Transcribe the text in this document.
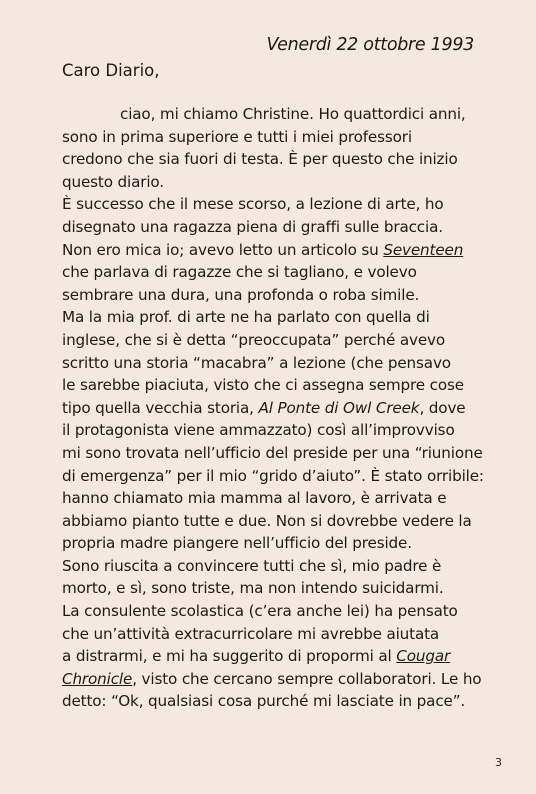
Venerdì 22 ottobre 1993
Caro Diario,
ciao, mi chiamo Christine. Ho quattordici anni,
sono in prima superiore e tutti i miei professori
credono che sia fuori di testa. È per questo che inizio
questo diario.
È successo che il mese scorso, a lezione di arte, ho
disegnato una ragazza piena di graffi sulle braccia.
Non ero mica io; avevo letto un articolo su Seventeen
che parlava di ragazze che si tagliano, e volevo
sembrare una dura, una profonda o roba simile.
Ma la mia prof. di arte ne ha parlato con quella di
inglese, che si è detta “preoccupata” perché avevo
scritto una storia “macabra” a lezione (che pensavo
le sarebbe piaciuta, visto che ci assegna sempre cose
tipo quella vecchia storia, Al Ponte di Owl Creek, dove
il protagonista viene ammazzato) così all’improvviso
mi sono trovata nell’ufficio del preside per una “riunione
di emergenza” per il mio “grido d’aiuto”. È stato orribile:
hanno chiamato mia mamma al lavoro, è arrivata e
abbiamo pianto tutte e due. Non si dovrebbe vedere la
propria madre piangere nell’ufficio del preside.
Sono riuscita a convincere tutti che sì, mio padre è
morto, e sì, sono triste, ma non intendo suicidarmi.
La consulente scolastica (c’era anche lei) ha pensato
che un’attività extracurricolare mi avrebbe aiutata
a distrarmi, e mi ha suggerito di propormi al Cougar
Chronicle, visto che cercano sempre collaboratori. Le ho
detto: “Ok, qualsiasi cosa purché mi lasciate in pace”.
3
